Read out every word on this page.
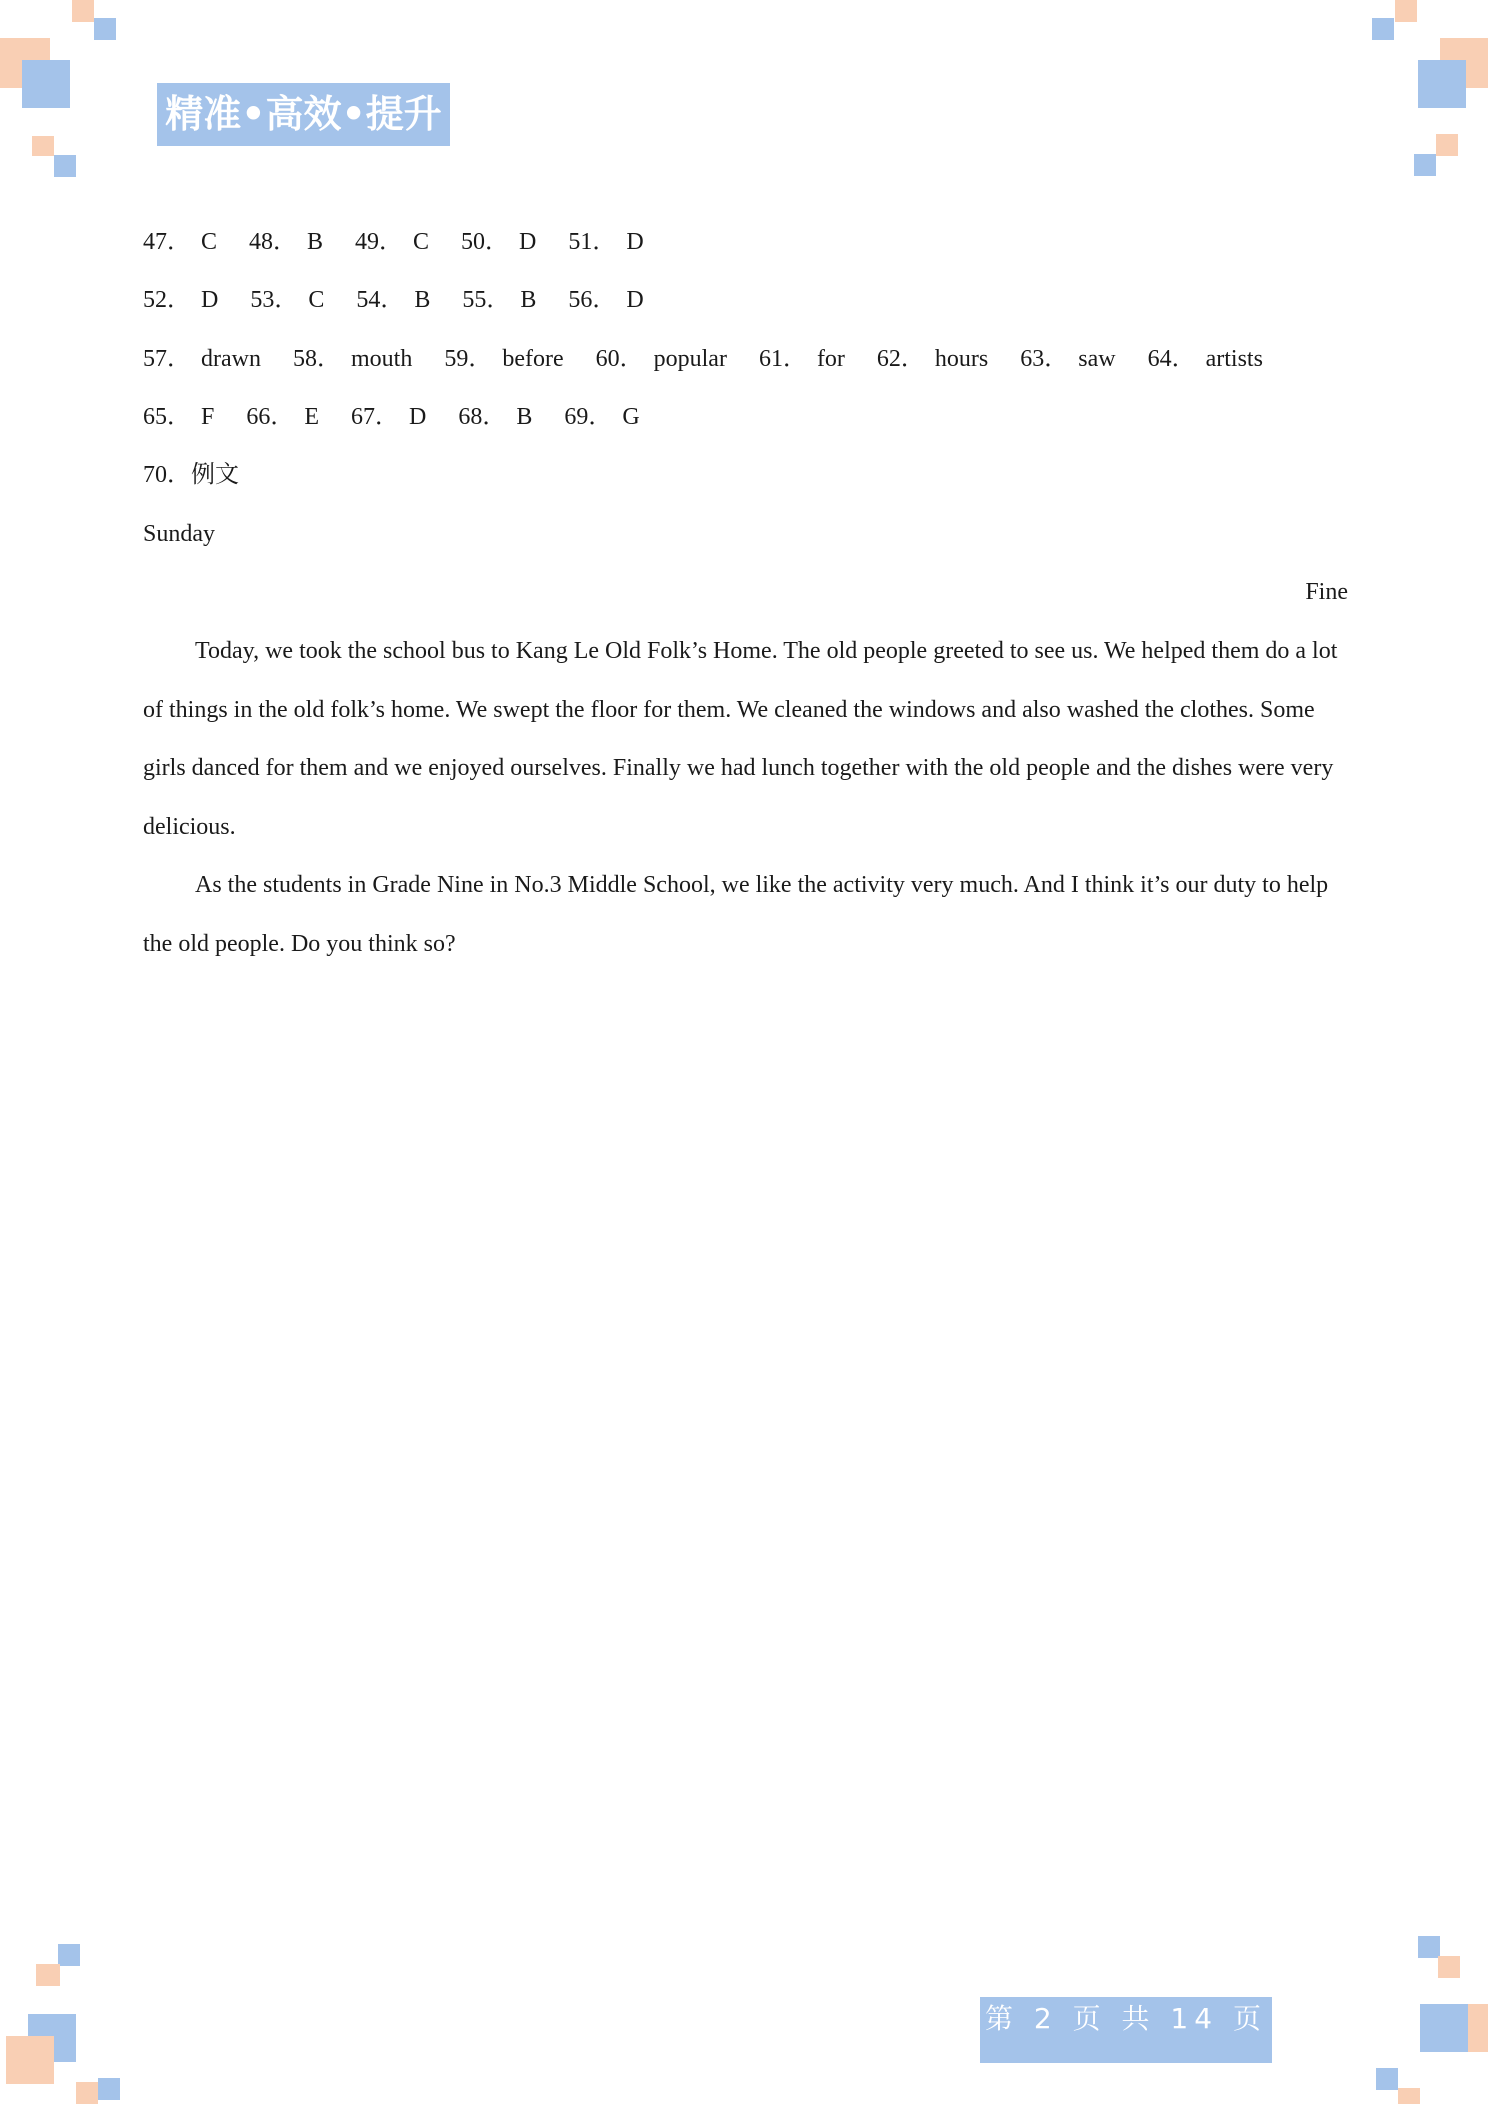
精准•高效•提升
47． C 48． B 49． C 50． D 51． D
52． D 53． C 54． B 55． B 56． D
57． drawn 58． mouth 59． before 60． popular 61． for 62． hours 63． saw 64． artists
65． F 66． E 67． D 68． B 69． G
70．例文
Sunday
Fine

Today, we took the school bus to Kang Le Old Folk’s Home. The old people greeted to see us. We helped them do a lot of things in the old folk’s home. We swept the floor for them. We cleaned the windows and also washed the clothes. Some girls danced for them and we enjoyed ourselves. Finally we had lunch together with the old people and the dishes were very delicious.

As the students in Grade Nine in No.3 Middle School, we like the activity very much. And I think it’s our duty to help the old people. Do you think so?

第 2 页 共 14 页
